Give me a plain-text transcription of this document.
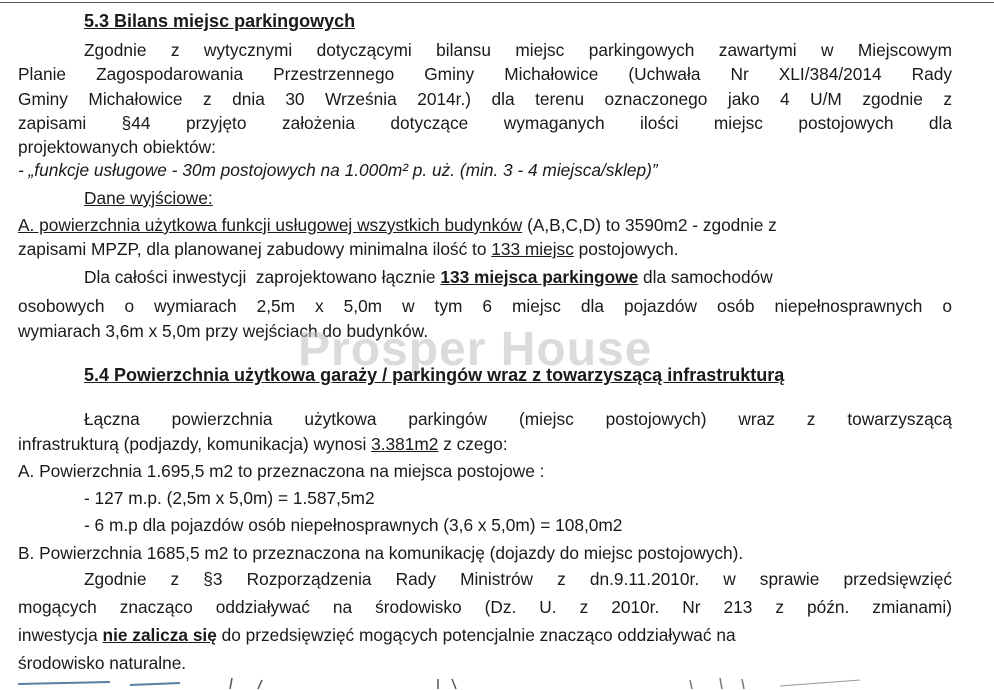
5.3 Bilans miejsc parkingowych
Zgodnie z wytycznymi dotyczącymi bilansu miejsc parkingowych zawartymi w Miejscowym
Planie Zagospodarowania Przestrzennego Gminy Michałowice (Uchwała Nr XLI/384/2014 Rady
Gminy Michałowice z dnia 30 Września 2014r.) dla terenu oznaczonego jako 4 U/M zgodnie z
zapisami §44 przyjęto założenia dotyczące wymaganych ilości miejsc postojowych dla
projektowanych obiektów:
- „funkcje usługowe - 30m postojowych na 1.000m² p. uż. (min. 3 - 4 miejsca/sklep)”
Dane wyjściowe:
A. powierzchnia użytkowa funkcji usługowej wszystkich budynków (A,B,C,D) to 3590m2 - zgodnie z
zapisami MPZP, dla planowanej zabudowy minimalna ilość to 133 miejsc postojowych.
Dla całości inwestycji  zaprojektowano łącznie 133 miejsca parkingowe dla samochodów
osobowych o wymiarach 2,5m x 5,0m w tym 6 miejsc dla pojazdów osób niepełnosprawnych o
wymiarach 3,6m x 5,0m przy wejściach do budynków.
Prosper House
5.4 Powierzchnia użytkowa garaży / parkingów wraz z towarzyszącą infrastrukturą
Łączna powierzchnia użytkowa parkingów (miejsc postojowych) wraz z towarzyszącą
infrastrukturą (podjazdy, komunikacja) wynosi 3.381m2 z czego:
A. Powierzchnia 1.695,5 m2 to przeznaczona na miejsca postojowe :
- 127 m.p. (2,5m x 5,0m) = 1.587,5m2
- 6 m.p dla pojazdów osób niepełnosprawnych (3,6 x 5,0m) = 108,0m2
B. Powierzchnia 1685,5 m2 to przeznaczona na komunikację (dojazdy do miejsc postojowych).
Zgodnie z §3 Rozporządzenia Rady Ministrów z dn.9.11.2010r. w sprawie przedsięwzięć
mogących znacząco oddziaływać na środowisko (Dz. U. z 2010r. Nr 213 z późn. zmianami)
inwestycja nie zalicza się do przedsięwzięć mogących potencjalnie znacząco oddziaływać na
środowisko naturalne.
